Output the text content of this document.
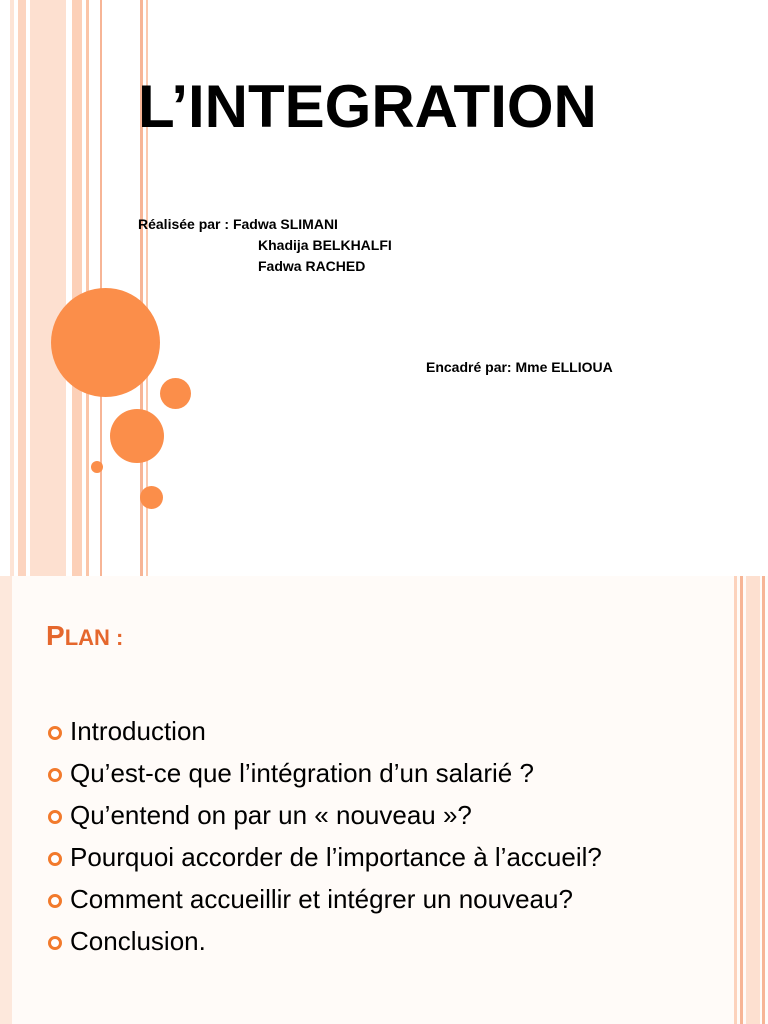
L’INTEGRATION
Réalisée par : Fadwa SLIMANI
Khadija BELKHALFI
Fadwa RACHED
Encadré par: Mme ELLIOUA
PLAN :
Introduction
Qu’est-ce que l’intégration d’un salarié ?
Qu’entend on par un « nouveau »?
Pourquoi accorder de l’importance à l’accueil?
Comment accueillir et intégrer un nouveau?
Conclusion.
